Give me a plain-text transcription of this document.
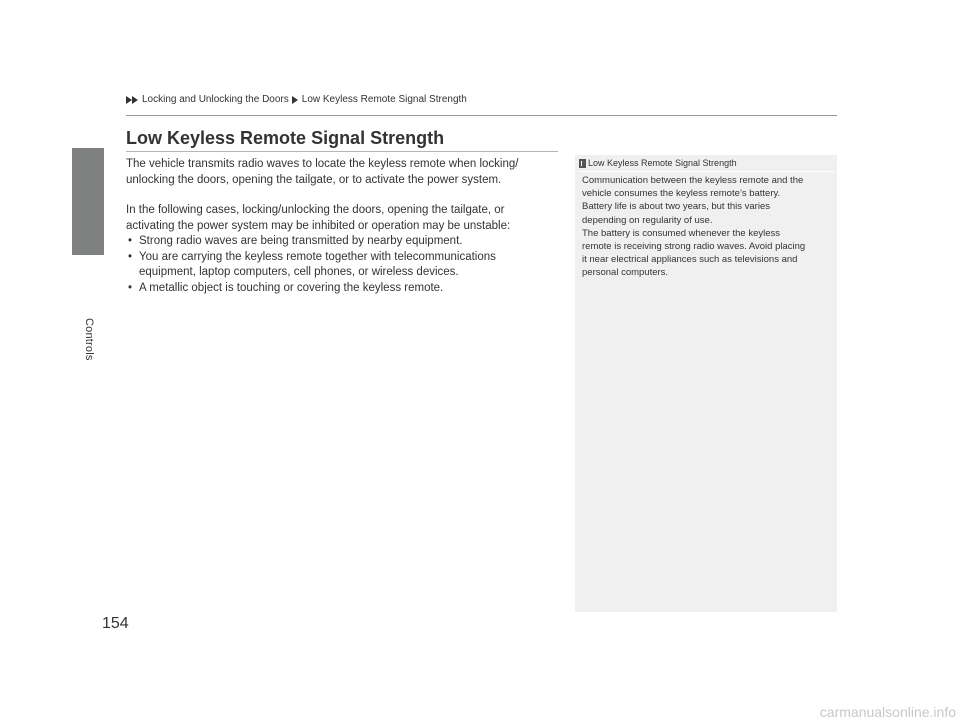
Controls
Locking and Unlocking the Doors Low Keyless Remote Signal Strength
Low Keyless Remote Signal Strength

The vehicle transmits radio waves to locate the keyless remote when locking/

unlocking the doors, opening the tailgate, or to activate the power system.

In the following cases, locking/unlocking the doors, opening the tailgate, or

activating the power system may be inhibited or operation may be unstable:

• Strong radio waves are being transmitted by nearby equipment.
• You are carrying the keyless remote together with telecommunications
equipment, laptop computers, cell phones, or wireless devices.
• A metallic object is touching or covering the keyless remote.
Low Keyless Remote Signal Strength
Communication between the keyless remote and the
vehicle consumes the keyless remote’s battery.
Battery life is about two years, but this varies
depending on regularity of use.
The battery is consumed whenever the keyless
remote is receiving strong radio waves. Avoid placing
it near electrical appliances such as televisions and
personal computers.
154
carmanualsonline.info
